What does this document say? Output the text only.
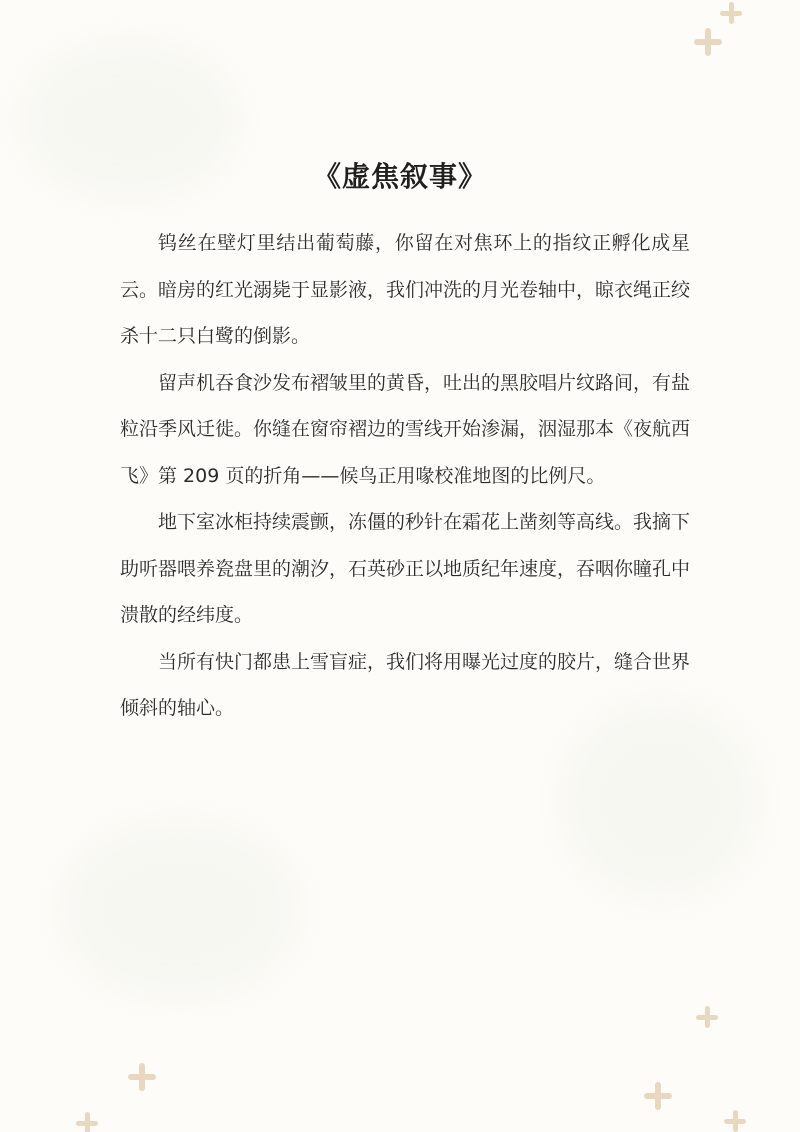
《虚焦叙事》

钨丝在壁灯里结出葡萄藤，你留在对焦环上的指纹正孵化成星云。暗房的红光溺毙于显影液，我们冲洗的月光卷轴中，晾衣绳正绞杀十二只白鹭的倒影。

留声机吞食沙发布褶皱里的黄昏，吐出的黑胶唱片纹路间，有盐粒沿季风迁徙。你缝在窗帘褶边的雪线开始渗漏，洇湿那本《夜航西飞》第 209 页的折角——候鸟正用喙校准地图的比例尺。

地下室冰柜持续震颤，冻僵的秒针在霜花上凿刻等高线。我摘下助听器喂养瓷盘里的潮汐，石英砂正以地质纪年速度，吞咽你瞳孔中溃散的经纬度。

当所有快门都患上雪盲症，我们将用曝光过度的胶片，缝合世界倾斜的轴心。
